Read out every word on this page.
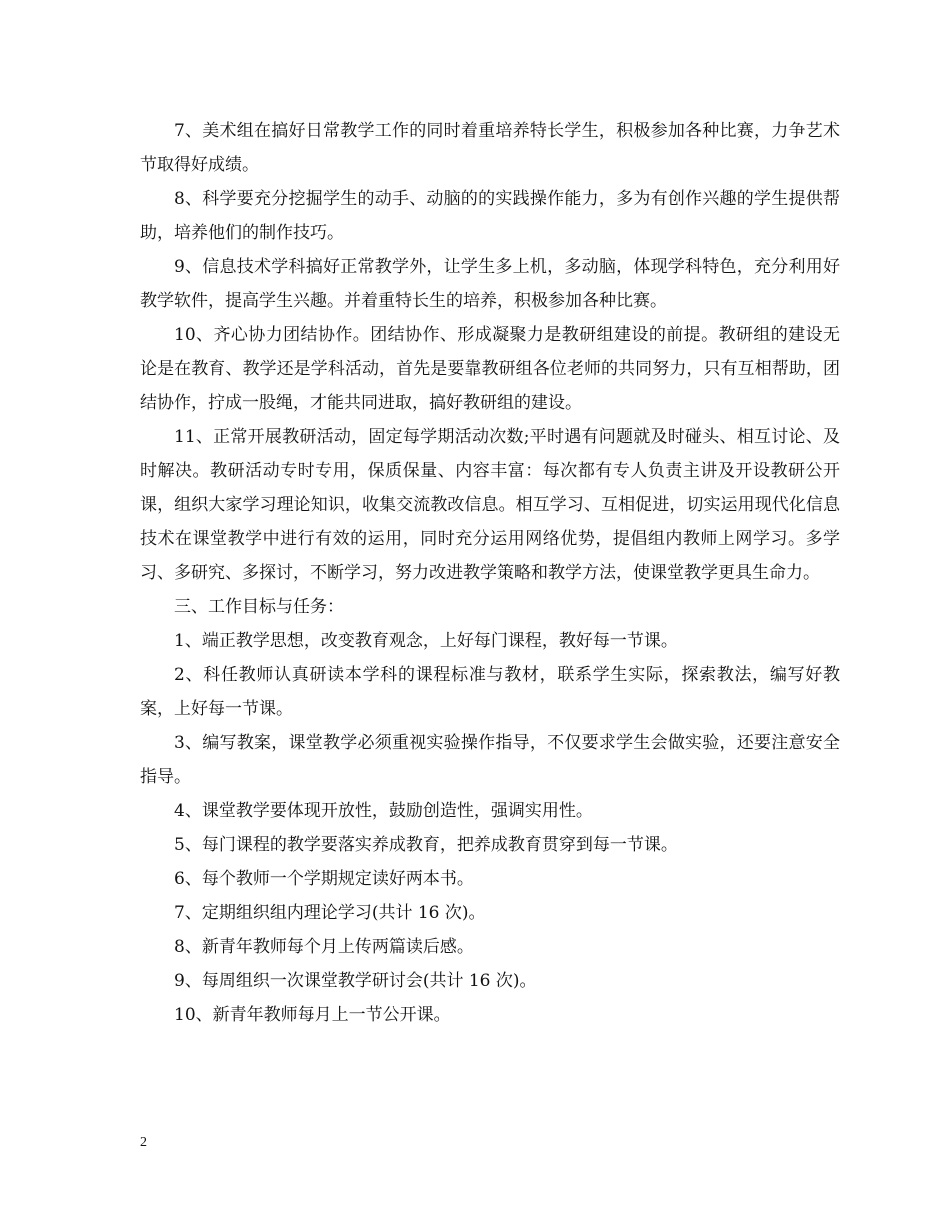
7、美术组在搞好日常教学工作的同时着重培养特长学生，积极参加各种比赛，力争艺术节取得好成绩。

8、科学要充分挖掘学生的动手、动脑的的实践操作能力，多为有创作兴趣的学生提供帮助，培养他们的制作技巧。

9、信息技术学科搞好正常教学外，让学生多上机，多动脑，体现学科特色，充分利用好教学软件，提高学生兴趣。并着重特长生的培养，积极参加各种比赛。

10、齐心协力团结协作。团结协作、形成凝聚力是教研组建设的前提。教研组的建设无论是在教育、教学还是学科活动，首先是要靠教研组各位老师的共同努力，只有互相帮助，团结协作，拧成一股绳，才能共同进取，搞好教研组的建设。

11、正常开展教研活动，固定每学期活动次数;平时遇有问题就及时碰头、相互讨论、及时解决。教研活动专时专用，保质保量、内容丰富：每次都有专人负责主讲及开设教研公开课，组织大家学习理论知识，收集交流教改信息。相互学习、互相促进，切实运用现代化信息技术在课堂教学中进行有效的运用，同时充分运用网络优势，提倡组内教师上网学习。多学习、多研究、多探讨，不断学习，努力改进教学策略和教学方法，使课堂教学更具生命力。

三、工作目标与任务：

1、端正教学思想，改变教育观念，上好每门课程，教好每一节课。

2、科任教师认真研读本学科的课程标准与教材，联系学生实际，探索教法，编写好教案，上好每一节课。

3、编写教案，课堂教学必须重视实验操作指导，不仅要求学生会做实验，还要注意安全指导。

4、课堂教学要体现开放性，鼓励创造性，强调实用性。

5、每门课程的教学要落实养成教育，把养成教育贯穿到每一节课。

6、每个教师一个学期规定读好两本书。

7、定期组织组内理论学习(共计 16 次)。

8、新青年教师每个月上传两篇读后感。

9、每周组织一次课堂教学研讨会(共计 16 次)。

10、新青年教师每月上一节公开课。

2
